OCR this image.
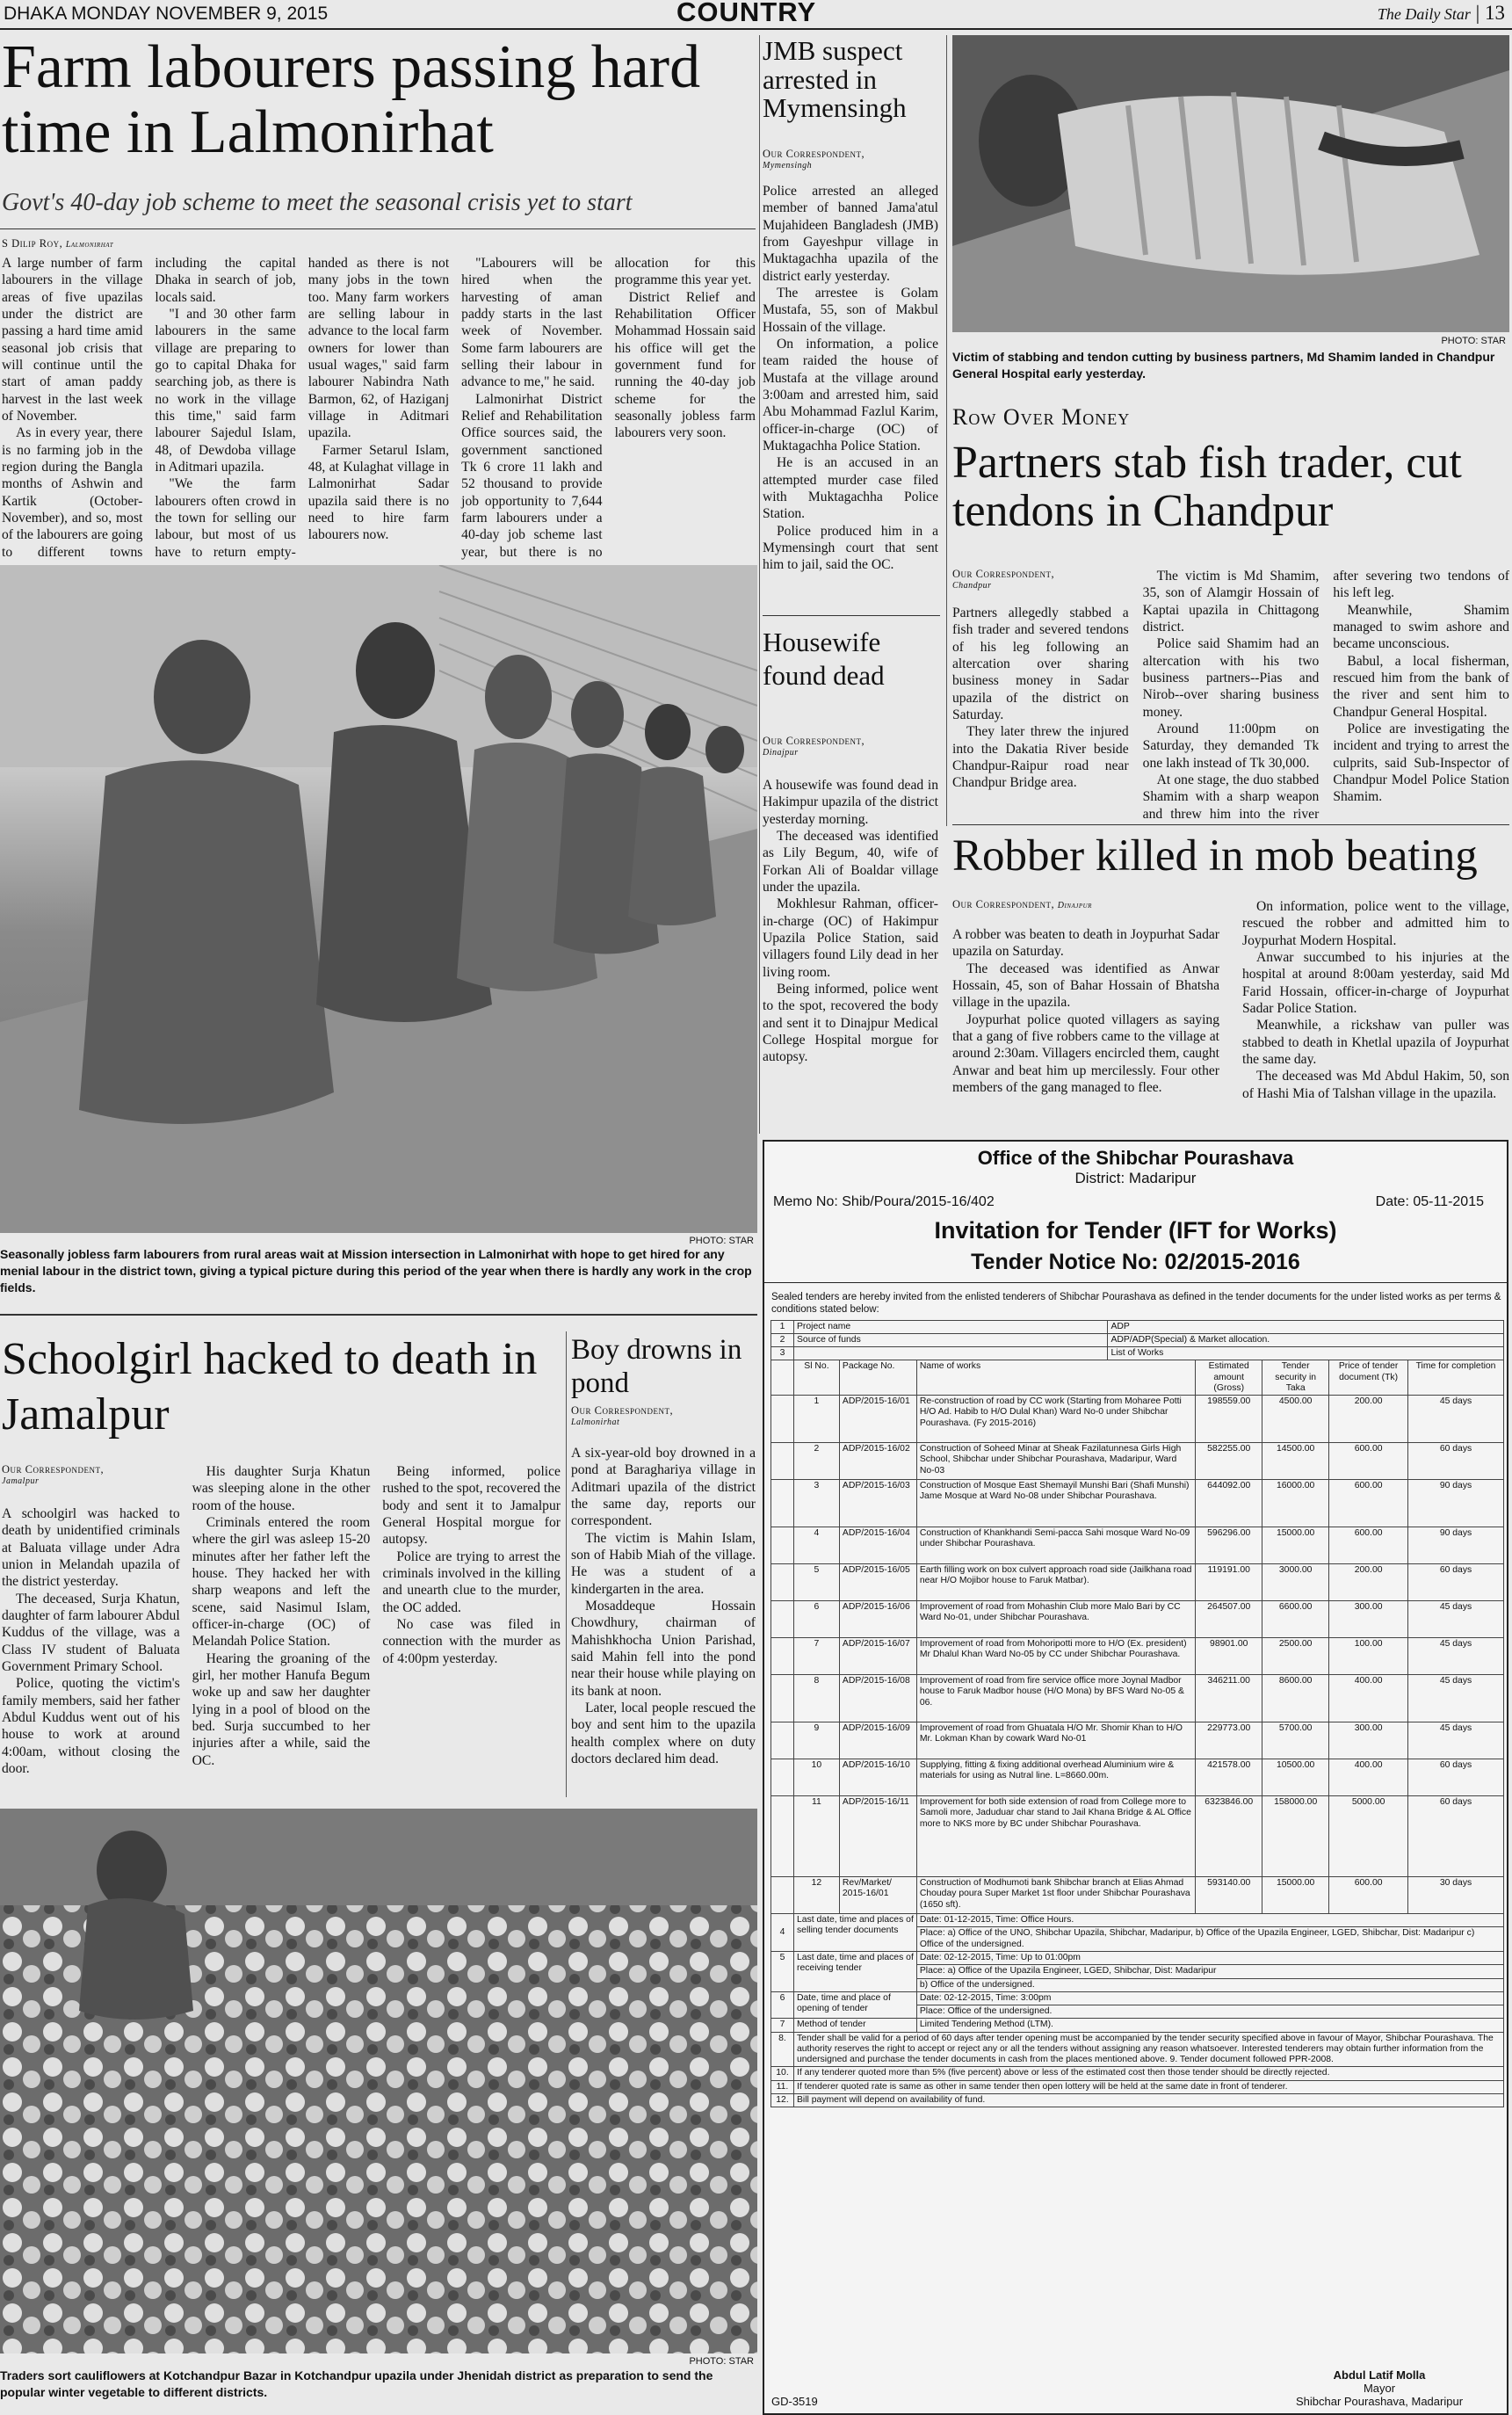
DHAKA MONDAY NOVEMBER 9, 2015	COUNTRY	The Daily Star | 13
Farm labourers passing hard time in Lalmonirhat
Govt's 40-day job scheme to meet the seasonal crisis yet to start
S Dilip Roy, Lalmonirhat

A large number of farm labourers in the village areas of five upazilas under the district are passing a hard time amid seasonal job crisis that will continue until the start of aman paddy harvest in the last week of November.

As in every year, there is no farming job in the region during the Bangla months of Ashwin and Kartik (October-November), and so, most of the labourers are going to different towns including the capital Dhaka in search of job, locals said.

"I and 30 other farm labourers in the same village are preparing to go to capital Dhaka for searching job, as there is no work in the village this time," said farm labourer Sajedul Islam, 48, of Dewdoba village in Aditmari upazila.

"We the farm labourers often crowd in the town for selling our labour, but most of us have to return empty-handed as there is not many jobs in the town too. Many farm workers are selling labour in advance to the local farm owners for lower than usual wages," said farm labourer Nabindra Nath Barmon, 62, of Haziganj village in Aditmari upazila.

Farmer Setarul Islam, 48, at Kulaghat village in Lalmonirhat Sadar upazila said there is no need to hire farm labourers now.

"Labourers will be hired when the harvesting of aman paddy starts in the last week of November. Some farm labourers are selling their labour in advance to me," he said.

Lalmonirhat District Relief and Rehabilitation Office sources said, the government sanctioned Tk 6 crore 11 lakh and 52 thousand to provide job opportunity to 7,644 farm labourers under a 40-day job scheme last year, but there is no allocation for this programme this year yet.

District Relief and Rehabilitation Officer Mohammad Hossain said his office will get the government fund for running the 40-day job scheme for the seasonally jobless farm labourers very soon.

PHOTO: STAR
Seasonally jobless farm labourers from rural areas wait at Mission intersection in Lalmonirhat with hope to get hired for any menial labour in the district town, giving a typical picture during this period of the year when there is hardly any work in the crop fields.
JMB suspect arrested in Mymensingh
Our Correspondent,
Mymensingh

Police arrested an alleged member of banned Jama'atul Mujahideen Bangladesh (JMB) from Gayeshpur village in Muktagachha upazila of the district early yesterday.

The arrestee is Golam Mustafa, 55, son of Makbul Hossain of the village.

On information, a police team raided the house of Mustafa at the village around 3:00am and arrested him, said Abu Mohammad Fazlul Karim, officer-in-charge (OC) of Muktagachha Police Station.

He is an accused in an attempted murder case filed with Muktagachha Police Station.

Police produced him in a Mymensingh court that sent him to jail, said the OC.

Housewife found dead
Our Correspondent,
Dinajpur

A housewife was found dead in Hakimpur upazila of the district yesterday morning.

The deceased was identified as Lily Begum, 40, wife of Forkan Ali of Boaldar village under the upazila.

Mokhlesur Rahman, officer-in-charge (OC) of Hakimpur Upazila Police Station, said villagers found Lily dead in her living room.

Being informed, police went to the spot, recovered the body and sent it to Dinajpur Medical College Hospital morgue for autopsy.

PHOTO: STAR
Victim of stabbing and tendon cutting by business partners, Md Shamim landed in Chandpur General Hospital early yesterday.
Row Over Money
Partners stab fish trader, cut tendons in Chandpur
Our Correspondent,
Chandpur

Partners allegedly stabbed a fish trader and severed tendons of his leg following an altercation over sharing business money in Sadar upazila of the district on Saturday.

They later threw the injured into the Dakatia River beside Chandpur-Raipur road near Chandpur Bridge area.

The victim is Md Shamim, 35, son of Alamgir Hossain of Kaptai upazila in Chittagong district.

Police said Shamim had an altercation with his two business partners--Pias and Nirob--over sharing business money.

Around 11:00pm on Saturday, they demanded Tk one lakh instead of Tk 30,000.

At one stage, the duo stabbed Shamim with a sharp weapon and threw him into the river after severing two tendons of his left leg.

Meanwhile, Shamim managed to swim ashore and became unconscious.

Babul, a local fisherman, rescued him from the bank of the river and sent him to Chandpur General Hospital.

Police are investigating the incident and trying to arrest the culprits, said Sub-Inspector of Chandpur Model Police Station Shamim.

Robber killed in mob beating
Our Correspondent, Dinajpur

A robber was beaten to death in Joypurhat Sadar upazila on Saturday.

The deceased was identified as Anwar Hossain, 45, son of Bahar Hossain of Bhatsha village in the upazila.

Joypurhat police quoted villagers as saying that a gang of five robbers came to the village at around 2:30am. Villagers encircled them, caught Anwar and beat him up mercilessly. Four other members of the gang managed to flee.

On information, police went to the village, rescued the robber and admitted him to Joypurhat Modern Hospital.

Anwar succumbed to his injuries at the hospital at around 8:00am yesterday, said Md Farid Hossain, officer-in-charge of Joypurhat Sadar Police Station.

Meanwhile, a rickshaw van puller was stabbed to death in Khetlal upazila of Joypurhat the same day.

The deceased was Md Abdul Hakim, 50, son of Hashi Mia of Talshan village in the upazila.

Schoolgirl hacked to death in Jamalpur
Our Correspondent,
Jamalpur

A schoolgirl was hacked to death by unidentified criminals at Baluata village under Adra union in Melandah upazila of the district yesterday.

The deceased, Surja Khatun, daughter of farm labourer Abdul Kuddus of the village, was a Class IV student of Baluata Government Primary School.

Police, quoting the victim's family members, said her father Abdul Kuddus went out of his house to work at around 4:00am, without closing the door.

His daughter Surja Khatun was sleeping alone in the other room of the house.

Criminals entered the room where the girl was asleep 15-20 minutes after her father left the house. They hacked her with sharp weapons and left the scene, said Nasimul Islam, officer-in-charge (OC) of Melandah Police Station.

Hearing the groaning of the girl, her mother Hanufa Begum woke up and saw her daughter lying in a pool of blood on the bed. Surja succumbed to her injuries after a while, said the OC.

Being informed, police rushed to the spot, recovered the body and sent it to Jamalpur General Hospital morgue for autopsy.

Police are trying to arrest the criminals involved in the killing and unearth clue to the murder, the OC added.

No case was filed in connection with the murder as of 4:00pm yesterday.

Boy drowns in pond
Our Correspondent,
Lalmonirhat

A six-year-old boy drowned in a pond at Baraghariya village in Aditmari upazila of the district the same day, reports our correspondent.

The victim is Mahin Islam, son of Habib Miah of the village. He was a student of a kindergarten in the area.

Mosaddeque Hossain Chowdhury, chairman of Mahishkhocha Union Parishad, said Mahin fell into the pond near their house while playing on its bank at noon.

Later, local people rescued the boy and sent him to the upazila health complex where on duty doctors declared him dead.

PHOTO: STAR
Traders sort cauliflowers at Kotchandpur Bazar in Kotchandpur upazila under Jhenidah district as preparation to send the popular winter vegetable to different districts.
Office of the Shibchar Pourashava
District: Madaripur
Memo No: Shib/Poura/2015-16/402	Date: 05-11-2015
Invitation for Tender (IFT for Works)
Tender Notice No: 02/2015-2016
Sealed tenders are hereby invited from the enlisted tenderers of Shibchar Pourashava as defined in the tender documents for the under listed works as per terms & conditions stated below:
1	Project name			ADP				
2	Source of funds			ADP/ADP(Special) & Market allocation.				
3				List of Works				
	Sl No.	Package No.	Name of works		Estimated amount (Gross)	Tender security in Taka	Price of tender document (Tk)	Time for completion
	1	ADP/2015-16/01	Re-construction of road by CC work (Starting from Moharee Potti H/O Ad. Habib to H/O Dulal Khan) Ward No-0 under Shibchar Pourashava. (Fy 2015-2016)		198559.00	4500.00	200.00	45 days
	2	ADP/2015-16/02	Construction of Soheed Minar at Sheak Fazilatunnesa Girls High School, Shibchar under Shibchar Pourashava, Madaripur, Ward No-03		582255.00	14500.00	600.00	60 days
	3	ADP/2015-16/03	Construction of Mosque East Shemayil Munshi Bari (Shafi Munshi) Jame Mosque at Ward No-08 under Shibchar Pourashava.		644092.00	16000.00	600.00	90 days
	4	ADP/2015-16/04	Construction of Khankhandi Semi-pacca Sahi mosque Ward No-09 under Shibchar Pourashava.		596296.00	15000.00	600.00	90 days
	5	ADP/2015-16/05	Earth filling work on box culvert approach road side (Jailkhana road near H/O Mojibor house to Faruk Matbar).		119191.00	3000.00	200.00	60 days
	6	ADP/2015-16/06	Improvement of road from Mohashin Club more Malo Bari by CC Ward No-01, under Shibchar Pourashava.		264507.00	6600.00	300.00	45 days
	7	ADP/2015-16/07	Improvement of road from Mohoripotti more to H/O (Ex. president) Mr Dhalul Khan Ward No-05 by CC under Shibchar Pourashava.		98901.00	2500.00	100.00	45 days
	8	ADP/2015-16/08	Improvement of road from fire service office more Joynal Madbor house to Faruk Madbor house (H/O Mona) by BFS Ward No-05 & 06.		346211.00	8600.00	400.00	45 days
	9	ADP/2015-16/09	Improvement of road from Ghuatala H/O Mr. Shomir Khan to H/O Mr. Lokman Khan by cowark Ward No-01		229773.00	5700.00	300.00	45 days
	10	ADP/2015-16/10	Supplying, fitting & fixing additional overhead Aluminium wire & materials for using as Nutral line. L=8660.00m.		421578.00	10500.00	400.00	60 days
	11	ADP/2015-16/11	Improvement for both side extension of road from College more to Samoli more, Jaduduar char stand to Jail Khana Bridge & AL Office more to NKS more by BC under Shibchar Pourashava.		6323846.00	158000.00	5000.00	60 days
	12	Rev/Market/ 2015-16/01	Construction of Modhumoti bank Shibchar branch at Elias Ahmad Chouday poura Super Market 1st floor under Shibchar Pourashava (1650 sft).		593140.00	15000.00	600.00	30 days
4	Last date, time and places of selling tender documents		Date: 01-12-2015, Time: Office Hours.					
			Place: a) Office of the UNO, Shibchar Upazila, Shibchar, Madaripur, b) Office of the Upazila Engineer, LGED, Shibchar, Dist: Madaripur c) Office of the undersigned.					
5	Last date, time and places of receiving tender		Date: 02-12-2015, Time: Up to 01:00pm					
			Place: a) Office of the Upazila Engineer, LGED, Shibchar, Dist: Madaripur					
			b) Office of the undersigned.					
6	Date, time and place of opening of tender		Date: 02-12-2015, Time: 3:00pm					
			Place: Office of the undersigned.					
7	Method of tender		Limited Tendering Method (LTM).					
8.	Tender shall be valid for a period of 60 days after tender opening must be accompanied by the tender security specified above in favour of Mayor, Shibchar Pourashava. The authority reserves the right to accept or reject any or all the tenders without assigning any reason whatsoever. Interested tenderers may obtain further information from the undersigned and purchase the tender documents in cash from the places mentioned above. 9. Tender document followed PPR-2008.							
10.	If any tenderer quoted more than 5% (five percent) above or less of the estimated cost then those tender should be directly rejected.							
11.	If tenderer quoted rate is same as other in same tender then open lottery will be held at the same date in front of tenderer.							
12.	Bill payment will depend on availability of fund.							
Abdul Latif Molla
Mayor
Shibchar Pourashava, Madaripur
GD-3519
